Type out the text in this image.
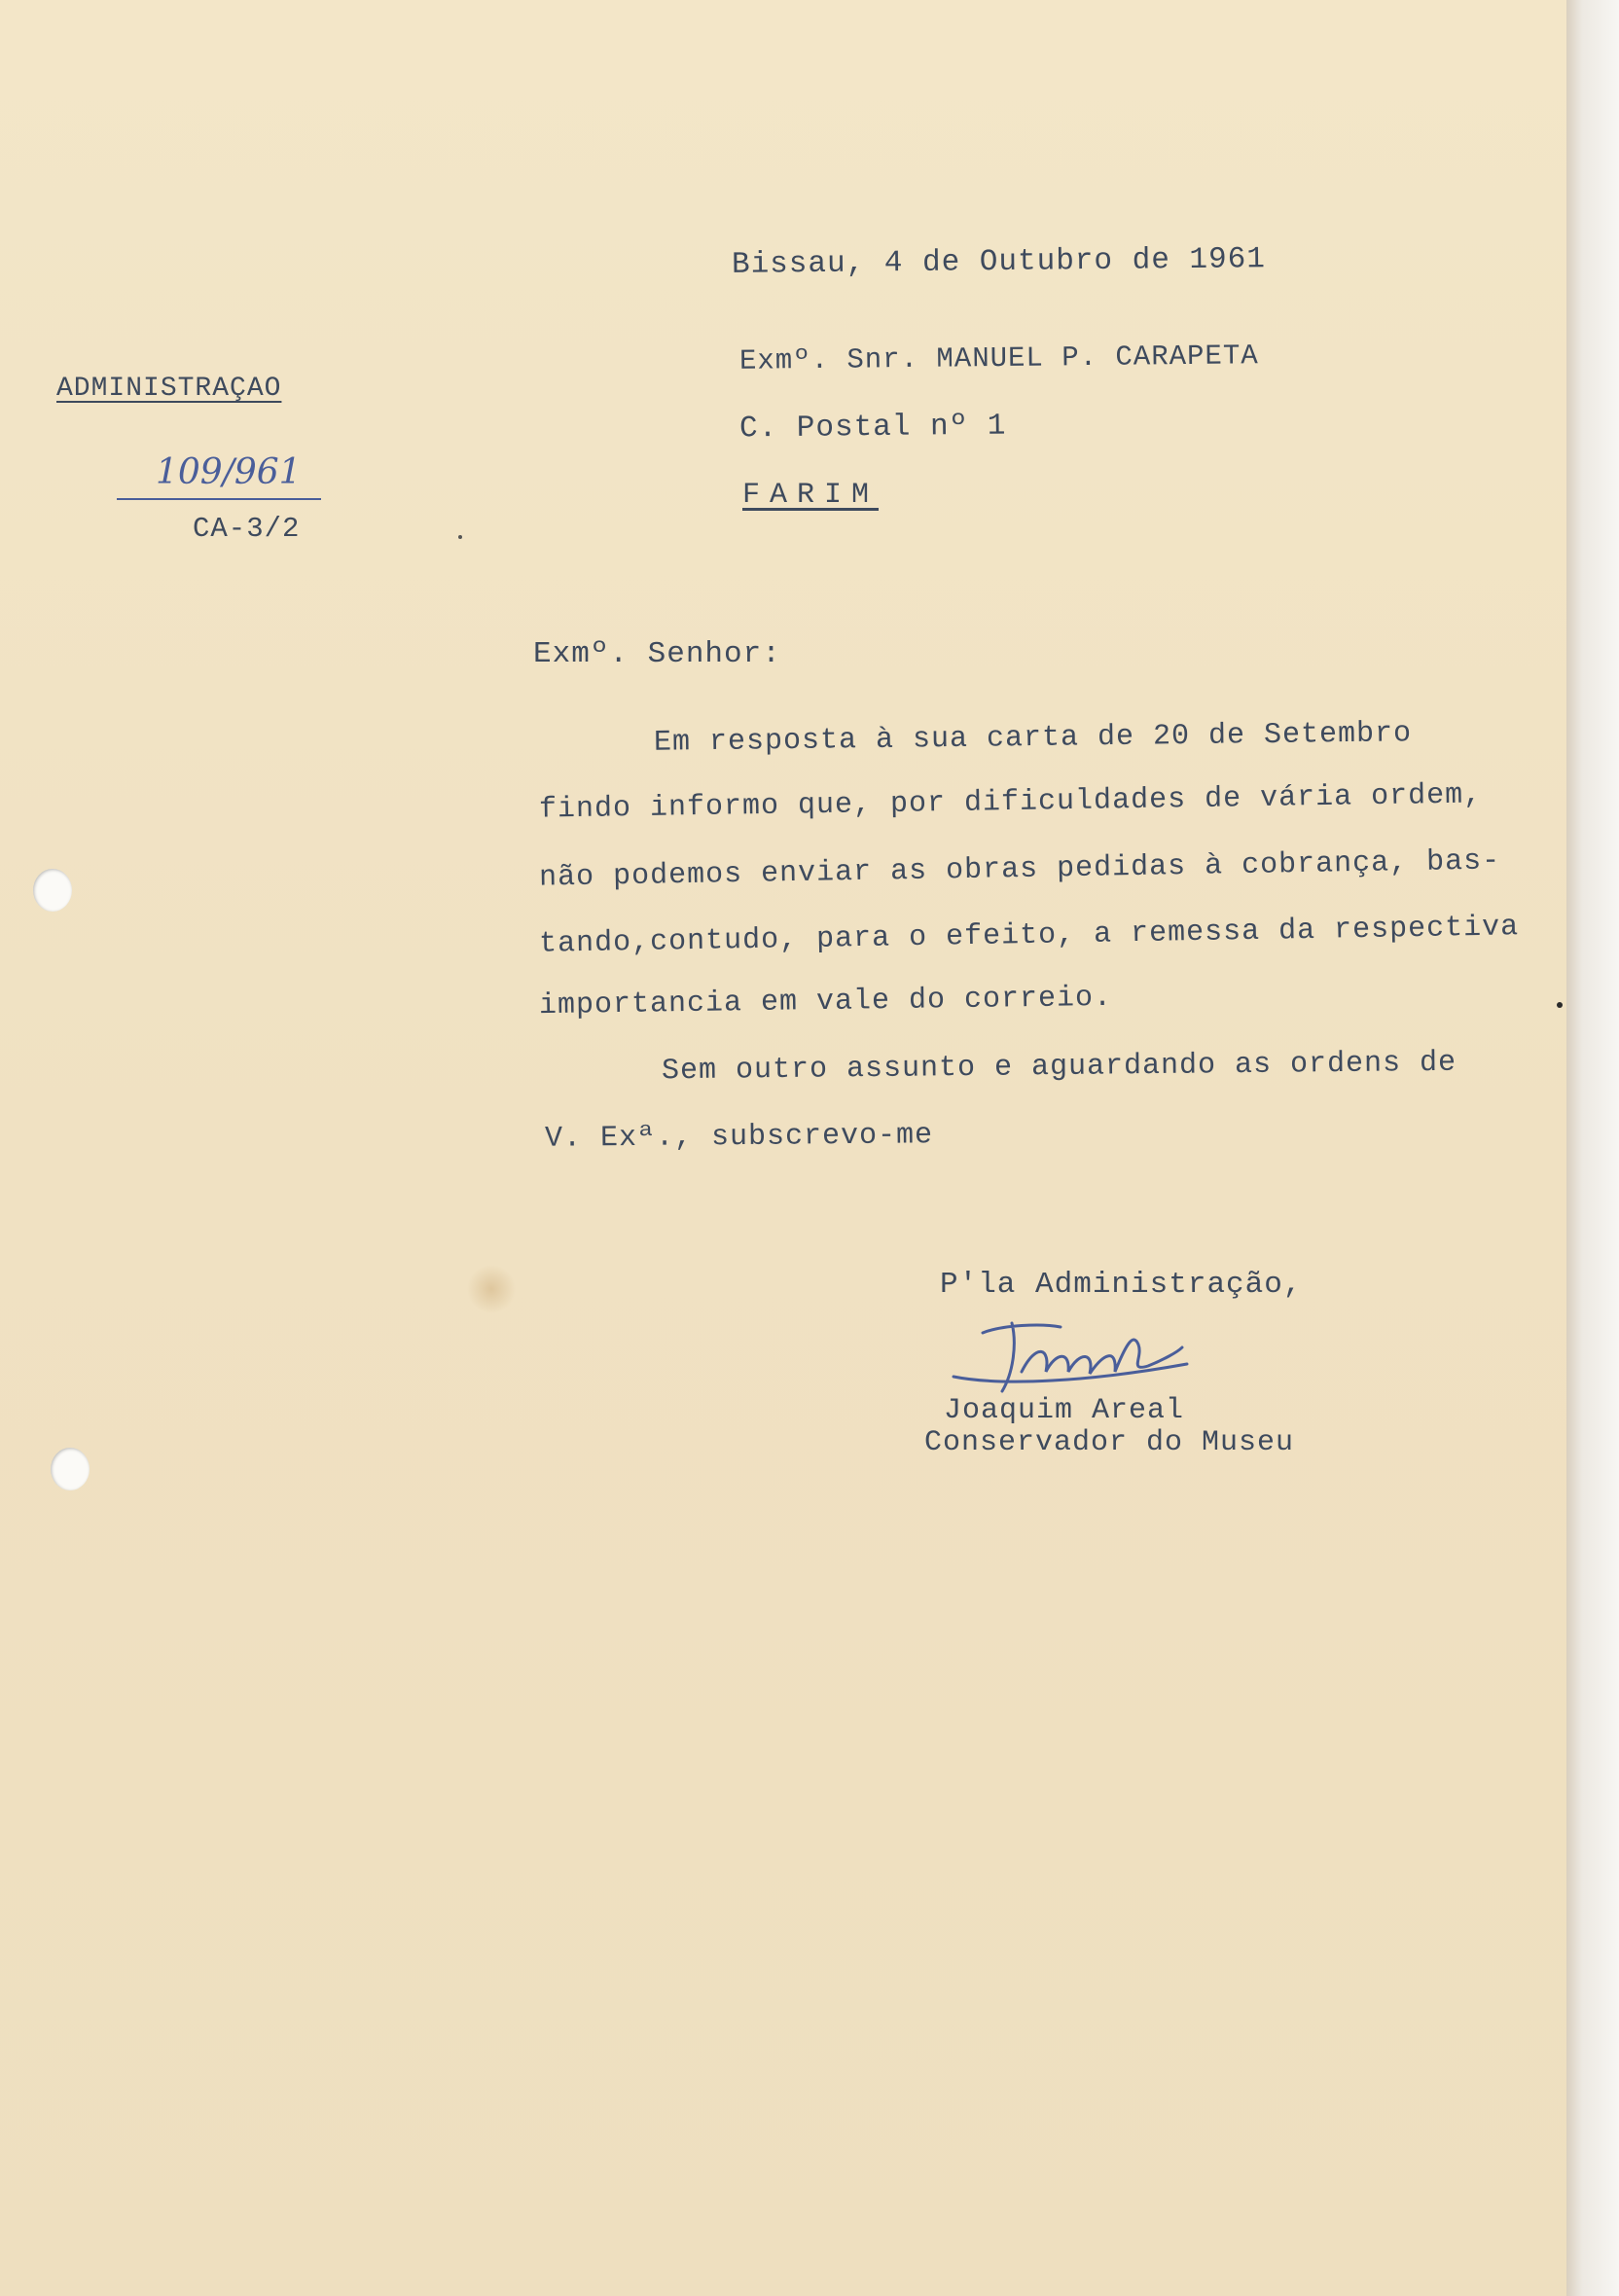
ADMINISTRAÇAO
109/961
CA-3/2
Bissau, 4 de Outubro de 1961
Exmº. Snr. MANUEL P. CARAPETA
C. Postal nº 1
FARIM
Exmº. Senhor:
Em resposta à sua carta de 20 de Setembro
findo informo que, por dificuldades de vária ordem,
não podemos enviar as obras pedidas à cobrança, bas-
tando,contudo, para o efeito, a remessa da respectiva
importancia em vale do correio.
Sem outro assunto e aguardando as ordens de
V. Exª., subscrevo-me
P'la Administração,
Joaquim Areal
Conservador do Museu
